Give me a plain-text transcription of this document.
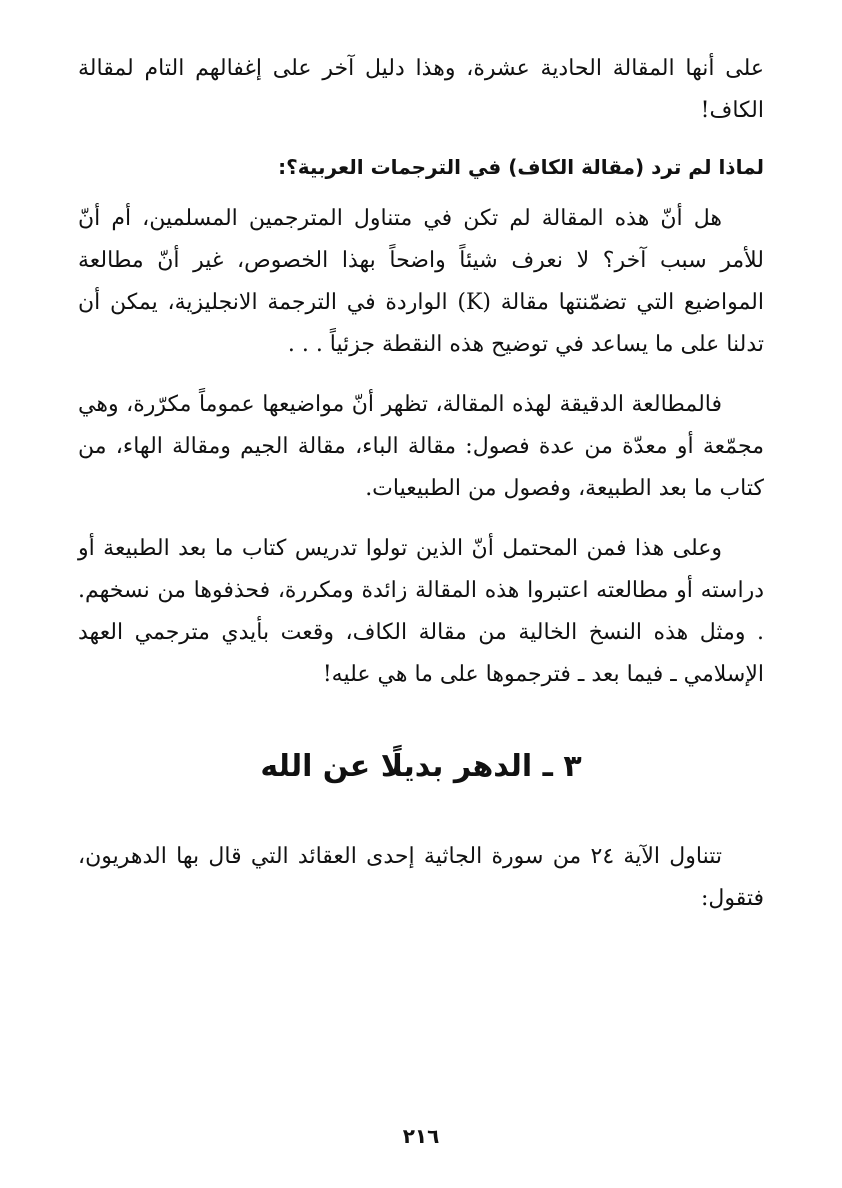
على أنها المقالة الحادية عشرة، وهذا دليل آخر على إغفالهم التام لمقالة الكاف!

لماذا لم ترد (مقالة الكاف) في الترجمات العربية؟:

هل أنّ هذه المقالة لم تكن في متناول المترجمين المسلمين، أم أنّ للأمر سبب آخر؟ لا نعرف شيئاً واضحاً بهذا الخصوص، غير أنّ مطالعة المواضيع التي تضمّنتها مقالة (K) الواردة في الترجمة الانجليزية، يمكن أن تدلنا على ما يساعد في توضيح هذه النقطة جزئياً . . .

فالمطالعة الدقيقة لهذه المقالة، تظهر أنّ مواضيعها عموماً مكرّرة، وهي مجمّعة أو معدّة من عدة فصول: مقالة الباء، مقالة الجيم ومقالة الهاء، من كتاب ما بعد الطبيعة، وفصول من الطبيعيات.

وعلى هذا فمن المحتمل أنّ الذين تولوا تدريس كتاب ما بعد الطبيعة أو دراسته أو مطالعته اعتبروا هذه المقالة زائدة ومكررة، فحذفوها من نسخهم. . ومثل هذه النسخ الخالية من مقالة الكاف، وقعت بأيدي مترجمي العهد الإسلامي ـ فيما بعد ـ فترجموها على ما هي عليه!

٣ ـ الدهر بديلًا عن الله

تتناول الآية ٢٤ من سورة الجاثية إحدى العقائد التي قال بها الدهريون، فتقول:

٢١٦
